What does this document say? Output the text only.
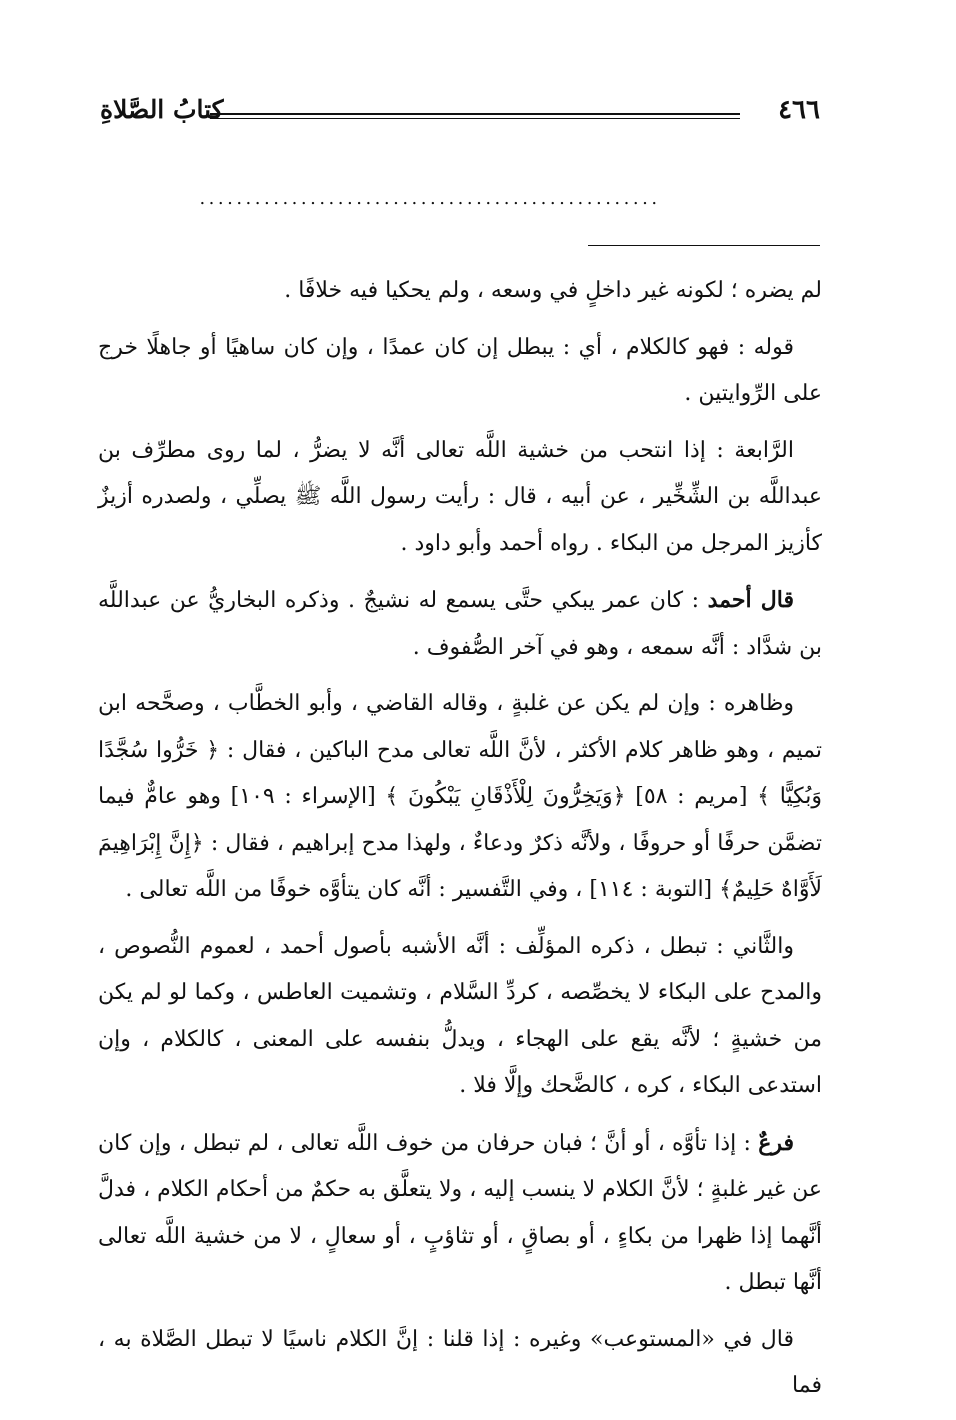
٤٦٦
كتابُ الصَّلاةِ
..................................................

لم يضره ؛ لكونه غير داخلٍ في وسعه ، ولم يحكيا فيه خلافًا .

قوله : فهو كالكلام ، أي : يبطل إن كان عمدًا ، وإن كان ساهيًا أو جاهلًا خرج على الرِّوايتين .

الرَّابعة : إذا انتحب من خشية اللَّه تعالى أنَّه لا يضرُّ ، لما روى مطرِّف بن عبداللَّه بن الشِّخِّير ، عن أبيه ، قال : رأيت رسول اللَّه ﷺ يصلِّي ، ولصدره أزيزٌ كأزيز المرجل من البكاء . رواه أحمد وأبو داود .

قال أحمد : كان عمر يبكي حتَّى يسمع له نشيجٌ . وذكره البخاريُّ عن عبداللَّه بن شدَّاد : أنَّه سمعه ، وهو في آخر الصُّفوف .

وظاهره : وإن لم يكن عن غلبةٍ ، وقاله القاضي ، وأبو الخطَّاب ، وصحَّحه ابن تميم ، وهو ظاهر كلام الأكثر ، لأنَّ اللَّه تعالى مدح الباكين ، فقال : ﴿ خَرُّوا سُجَّدًا وَبُكِيًّا ﴾ [مريم : ٥٨] ﴿وَيَخِرُّونَ لِلْأَذْقَانِ يَبْكُونَ ﴾ [الإسراء : ١٠٩] وهو عامٌّ فيما تضمَّن حرفًا أو حروفًا ، ولأنَّه ذكرٌ ودعاءٌ ، ولهذا مدح إبراهيم ، فقال : ﴿إِنَّ إِبْرَاهِيمَ لَأَوَّاهٌ حَلِيمٌ﴾ [التوبة : ١١٤] ، وفي التَّفسير : أنَّه كان يتأوَّه خوفًا من اللَّه تعالى .

والثَّاني : تبطل ، ذكره المؤلِّف : أنَّه الأشبه بأصول أحمد ، لعموم النُّصوص ، والمدح على البكاء لا يخصِّصه ، كردِّ السَّلام ، وتشميت العاطس ، وكما لو لم يكن من خشيةٍ ؛ لأنَّه يقع على الهجاء ، ويدلُّ بنفسه على المعنى ، كالكلام ، وإن استدعى البكاء ، كره ، كالضَّحك وإلَّا فلا .

فرعٌ : إذا تأوَّه ، أو أنَّ ؛ فبان حرفان من خوف اللَّه تعالى ، لم تبطل ، وإن كان عن غير غلبةٍ ؛ لأنَّ الكلام لا ينسب إليه ، ولا يتعلَّق به حكمٌ من أحكام الكلام ، فدلَّ أنَّهما إذا ظهرا من بكاءٍ ، أو بصاقٍ ، أو تثاؤبٍ ، أو سعالٍ ، لا من خشية اللَّه تعالى أنَّها تبطل .

قال في «المستوعب» وغيره : إذا قلنا : إنَّ الكلام ناسيًا لا تبطل الصَّلاة به ، فما
